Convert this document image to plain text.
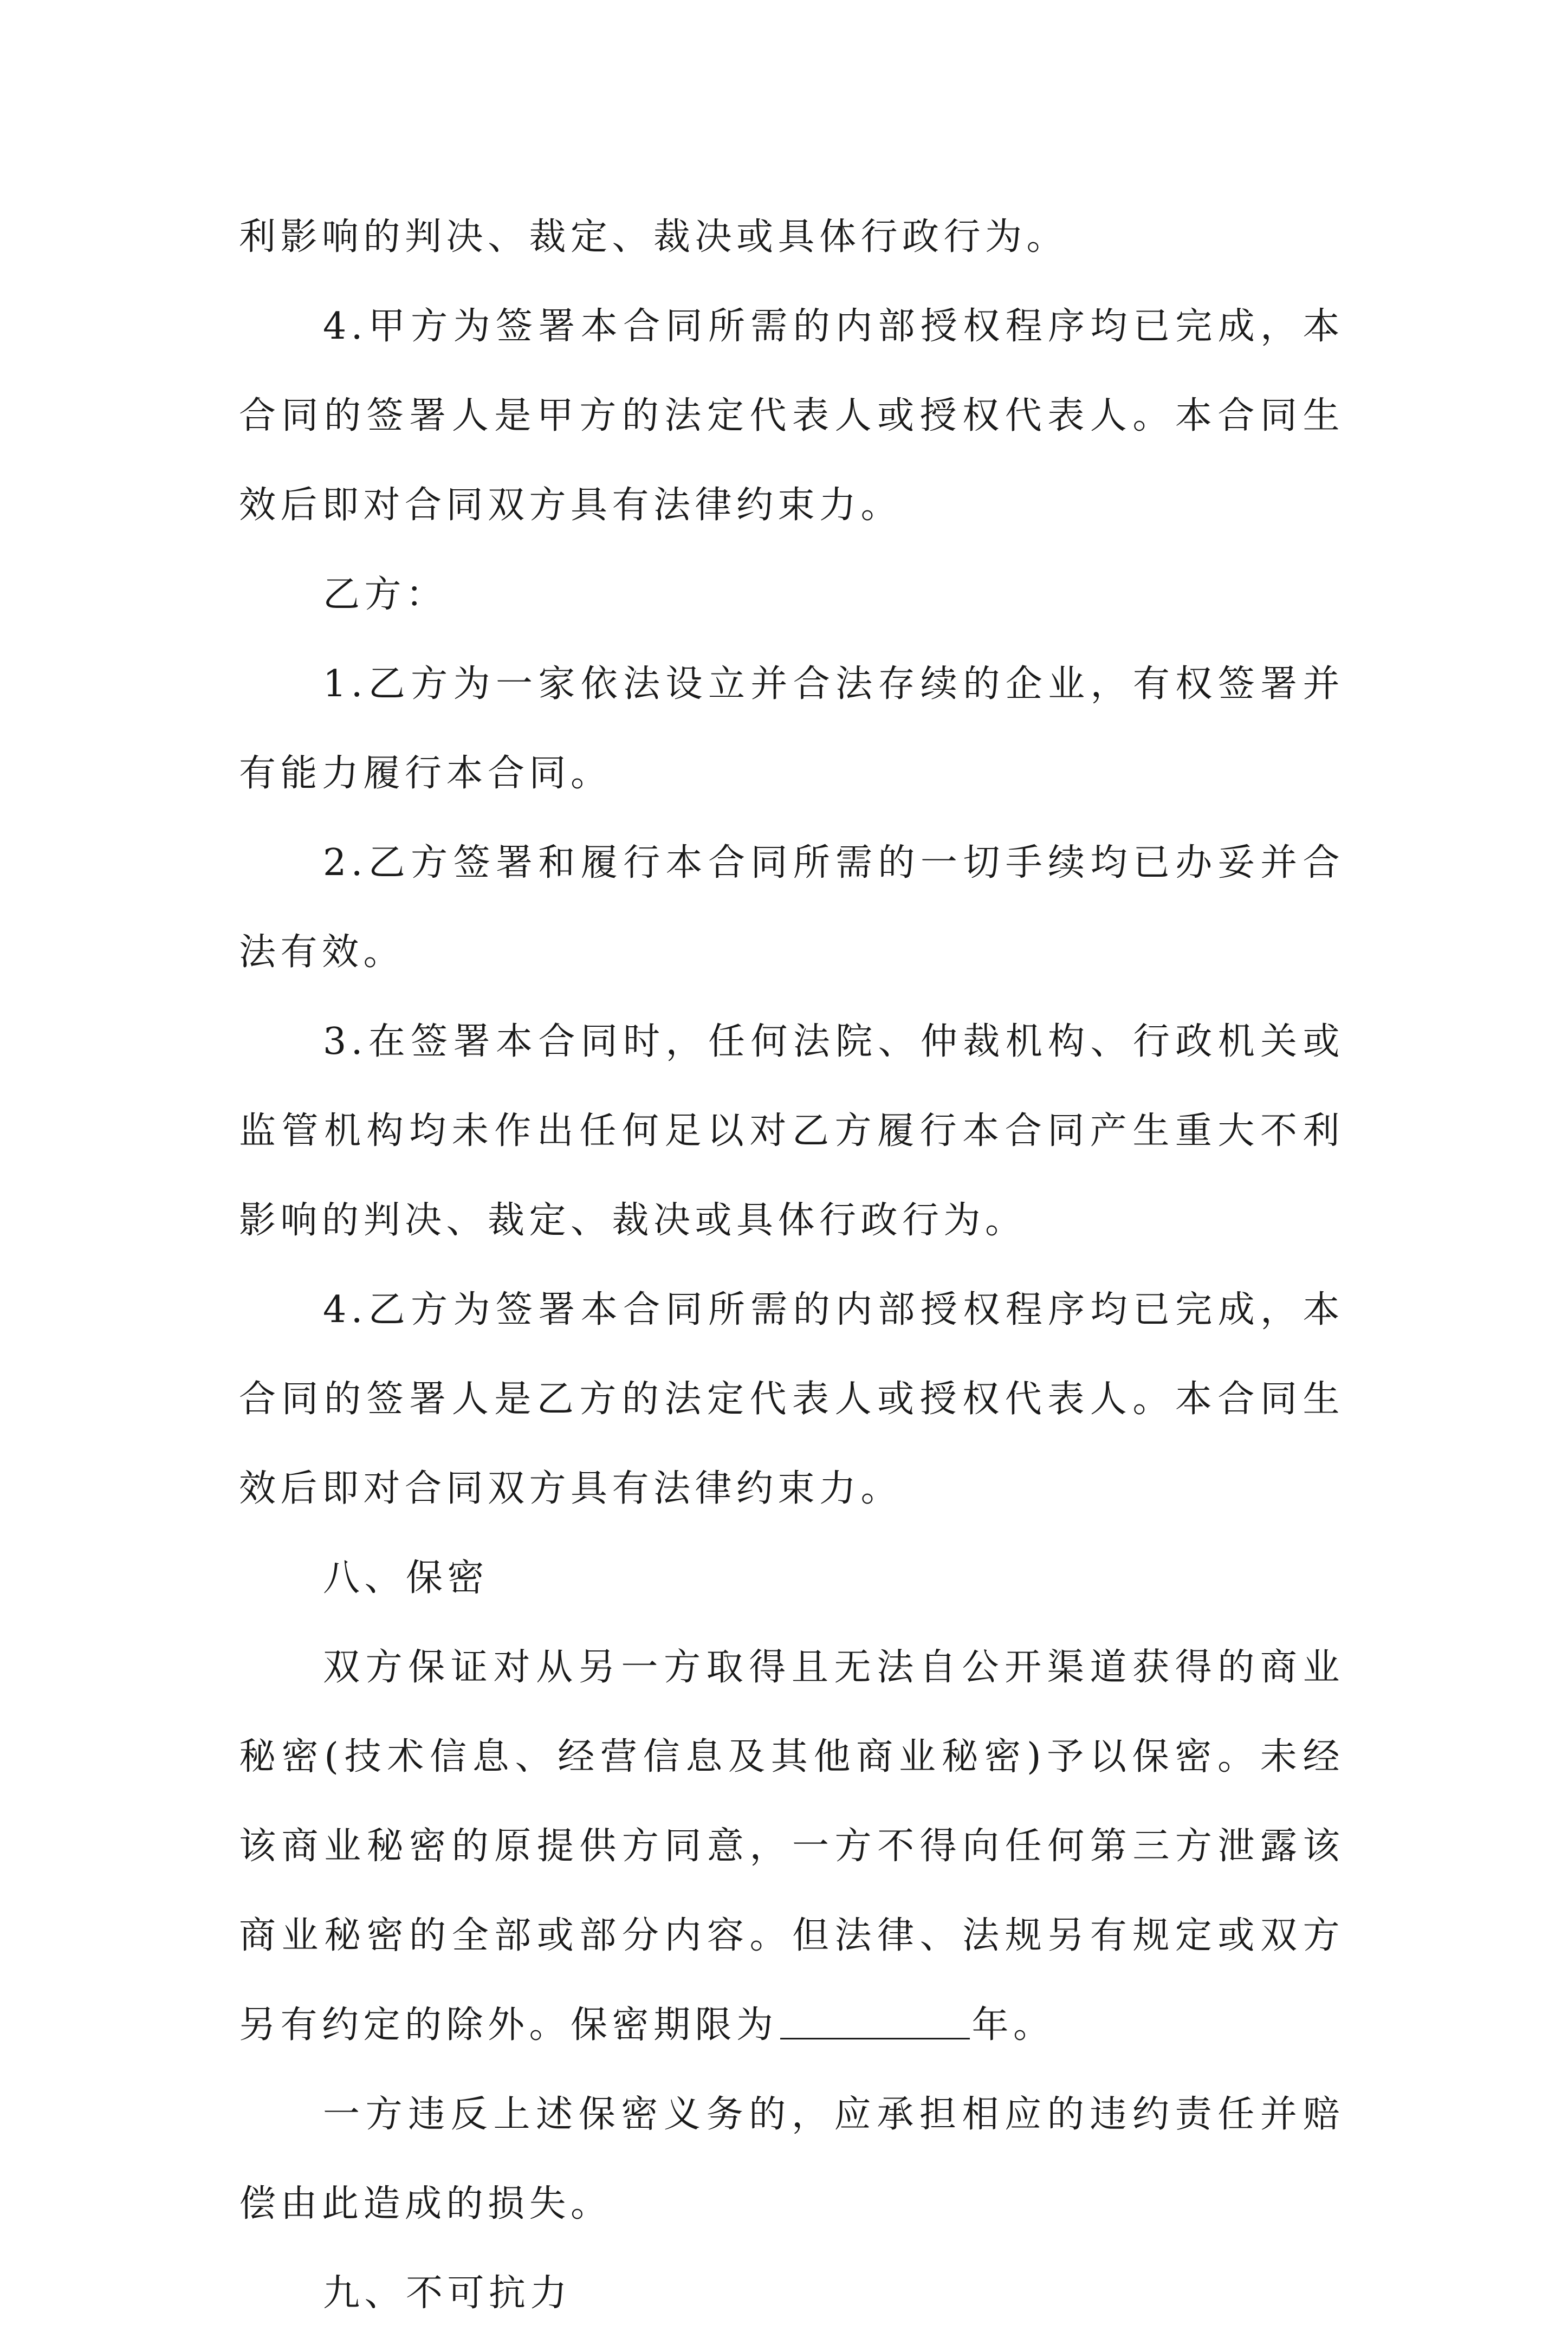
利影响的判决、裁定、裁决或具体行政行为。

4.甲方为签署本合同所需的内部授权程序均已完成，本合同的签署人是甲方的法定代表人或授权代表人。本合同生效后即对合同双方具有法律约束力。

乙方：

1.乙方为一家依法设立并合法存续的企业，有权签署并有能力履行本合同。

2.乙方签署和履行本合同所需的一切手续均已办妥并合法有效。

3.在签署本合同时，任何法院、仲裁机构、行政机关或监管机构均未作出任何足以对乙方履行本合同产生重大不利影响的判决、裁定、裁决或具体行政行为。

4.乙方为签署本合同所需的内部授权程序均已完成，本合同的签署人是乙方的法定代表人或授权代表人。本合同生效后即对合同双方具有法律约束力。

八、保密

双方保证对从另一方取得且无法自公开渠道获得的商业秘密(技术信息、经营信息及其他商业秘密)予以保密。未经该商业秘密的原提供方同意，一方不得向任何第三方泄露该商业秘密的全部或部分内容。但法律、法规另有规定或双方另有约定的除外。保密期限为	年。

一方违反上述保密义务的，应承担相应的违约责任并赔偿由此造成的损失。

九、不可抗力
